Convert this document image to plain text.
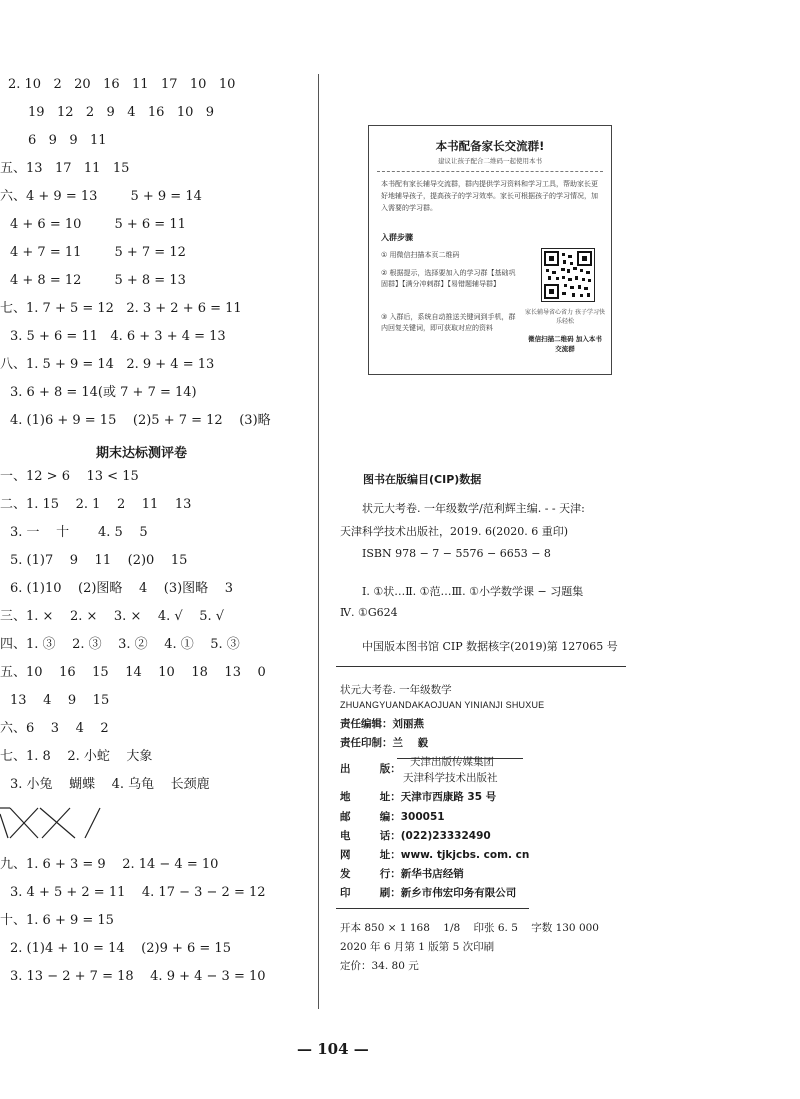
2. 10   2   20   16   11   17   10   10
19   12   2   9   4   16   10   9
6   9   9   11
五、13   17   11   15
六、4 + 9 = 13        5 + 9 = 14
4 + 6 = 10        5 + 6 = 11
4 + 7 = 11        5 + 7 = 12
4 + 8 = 12        5 + 8 = 13
七、1. 7 + 5 = 12   2. 3 + 2 + 6 = 11
3. 5 + 6 = 11   4. 6 + 3 + 4 = 13
八、1. 5 + 9 = 14   2. 9 + 4 = 13
3. 6 + 8 = 14(或 7 + 7 = 14)
4. (1)6 + 9 = 15    (2)5 + 7 = 12    (3)略
期末达标测评卷
一、12 > 6    13 < 15
二、1. 15    2. 1    2    11    13
3. 一    十       4. 5    5
5. (1)7    9    11    (2)0    15
6. (1)10    (2)图略    4    (3)图略    3
三、1. ×    2. ×    3. ×    4. √    5. √
四、1. ③    2. ③    3. ②    4. ①    5. ③
五、10    16    15    14    10    18    13    0
13    4    9    15
六、6    3    4    2
七、1. 8    2. 小蛇    大象
3. 小兔    蝴蝶    4. 乌龟    长颈鹿
九、1. 6 + 3 = 9    2. 14 − 4 = 10
3. 4 + 5 + 2 = 11    4. 17 − 3 − 2 = 12
十、1. 6 + 9 = 15
2. (1)4 + 10 = 14    (2)9 + 6 = 15
3. 13 − 2 + 7 = 18    4. 9 + 4 − 3 = 10
本书配备家长交流群!
建议让孩子配合二维码一起使用本书
本书配有家长辅导交流群，群内提供学习资料和学习工具，帮助家长更好地辅导孩子，提高孩子的学习效率。家长可根据孩子的学习情况，加入需要的学习群。
入群步骤
① 用微信扫描本页二维码
② 根据提示，选择要加入的学习群【基础巩固群】【满分冲刺群】【易错题辅导群】
③ 入群后，系统自动推送关键词到手机，群内回复关键词，即可获取对应的资料
家长辅导省心省力 孩子学习快乐轻松
微信扫描二维码 加入本书交流群
图书在版编目(CIP)数据
状元大考卷. 一年级数学/范利辉主编. - - 天津:
天津科学技术出版社，2019. 6(2020. 6 重印)
ISBN 978 − 7 − 5576 − 6653 − 8
Ⅰ. ①状…Ⅱ. ①范…Ⅲ. ①小学数学课 − 习题集
Ⅳ. ①G624
中国版本图书馆 CIP 数据核字(2019)第 127065 号
状元大考卷. 一年级数学
ZHUANGYUANDAKAOJUAN YINIANJI SHUXUE
责任编辑：刘丽燕
责任印制：兰    毅
出        版：
天津出版传媒集团
天津科学技术出版社
地        址：天津市西康路 35 号
邮        编：300051
电        话：(022)23332490
网        址：www. tjkjcbs. com. cn
发        行：新华书店经销
印        刷：新乡市伟宏印务有限公司
开本 850 × 1 168    1/8    印张 6. 5    字数 130 000
2020 年 6 月第 1 版第 5 次印刷
定价：34. 80 元
— 104 —
